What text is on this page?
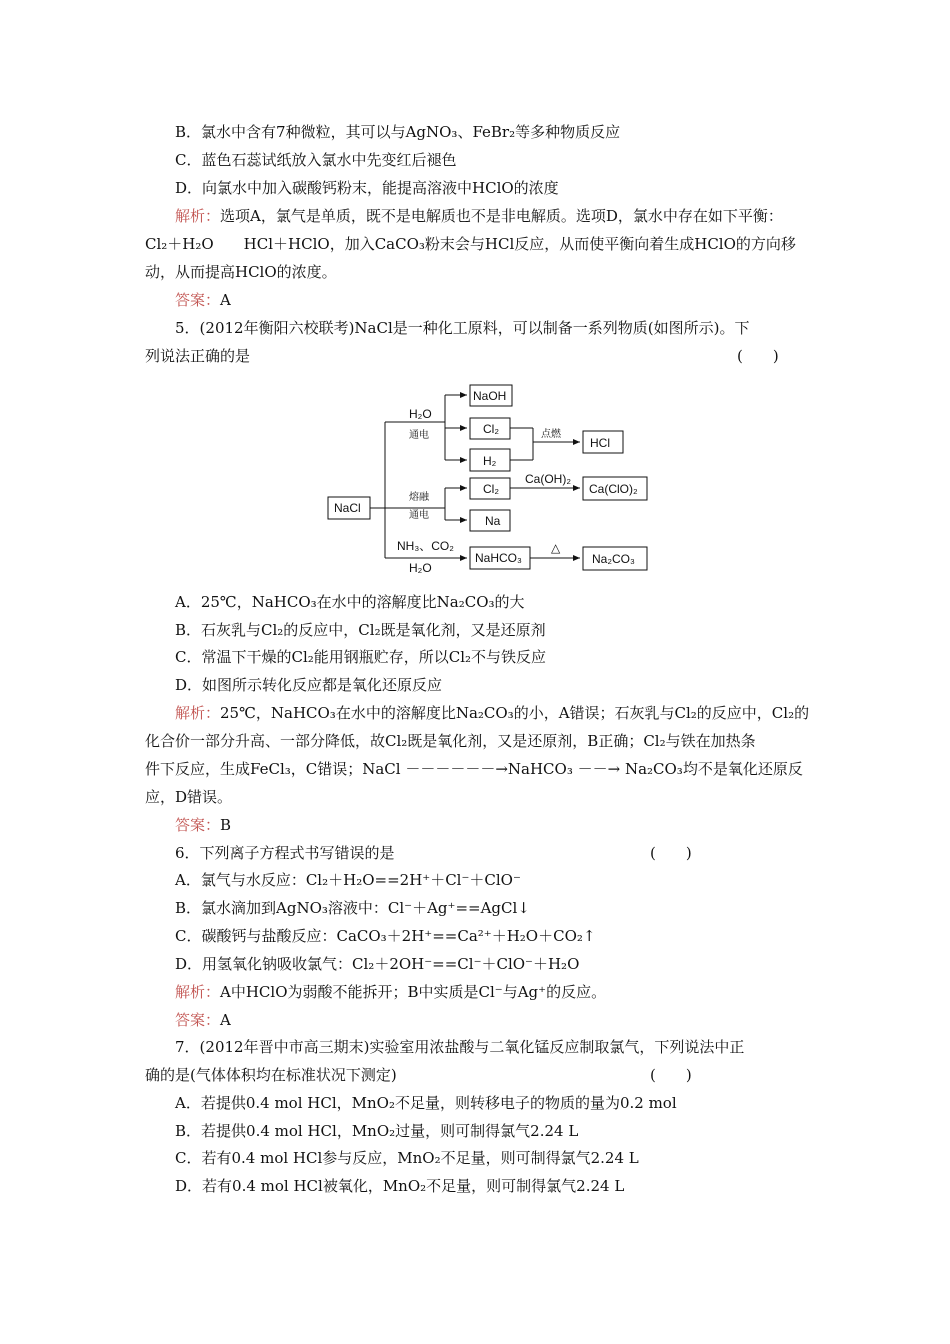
B．氯水中含有7种微粒，其可以与AgNO₃、FeBr₂等多种物质反应
C．蓝色石蕊试纸放入氯水中先变红后褪色
D．向氯水中加入碳酸钙粉末，能提高溶液中HClO的浓度
解析：选项A，氯气是单质，既不是电解质也不是非电解质。选项D，氯水中存在如下平衡：
Cl₂＋H₂O　　HCl＋HClO，加入CaCO₃粉末会与HCl反应，从而使平衡向着生成HClO的方向移
动，从而提高HClO的浓度。
答案：A
5．(2012年衡阳六校联考)NaCl是一种化工原料，可以制备一系列物质(如图所示)。下
列说法正确的是	(　　)
NaCl
NaOH
Cl₂
H₂
HCl
Cl₂
Na
Ca(ClO)₂
NaHCO₃	Na₂CO₃
H₂O
通电	点燃
Ca(OH)₂
熔融
通电
NH₃、CO₂
H₂O
△
A．25℃，NaHCO₃在水中的溶解度比Na₂CO₃的大
B．石灰乳与Cl₂的反应中，Cl₂既是氧化剂，又是还原剂
C．常温下干燥的Cl₂能用钢瓶贮存，所以Cl₂不与铁反应
D．如图所示转化反应都是氧化还原反应
解析：25℃，NaHCO₃在水中的溶解度比Na₂CO₃的小，A错误；石灰乳与Cl₂的反应中，Cl₂的
化合价一部分升高、一部分降低，故Cl₂既是氧化剂，又是还原剂，B正确；Cl₂与铁在加热条
件下反应，生成FeCl₃，C错误；NaCl －－－－－－→NaHCO₃ －－→ Na₂CO₃均不是氧化还原反
应，D错误。
答案：B
6．下列离子方程式书写错误的是	(　　)
A．氯气与水反应：Cl₂＋H₂O==2H⁺＋Cl⁻＋ClO⁻
B．氯水滴加到AgNO₃溶液中：Cl⁻＋Ag⁺==AgCl↓
C．碳酸钙与盐酸反应：CaCO₃＋2H⁺==Ca²⁺＋H₂O＋CO₂↑
D．用氢氧化钠吸收氯气：Cl₂＋2OH⁻==Cl⁻＋ClO⁻＋H₂O
解析：A中HClO为弱酸不能拆开；B中实质是Cl⁻与Ag⁺的反应。
答案：A
7．(2012年晋中市高三期末)实验室用浓盐酸与二氧化锰反应制取氯气，下列说法中正
确的是(气体体积均在标准状况下测定)	(　　)
A．若提供0.4 mol HCl，MnO₂不足量，则转移电子的物质的量为0.2 mol
B．若提供0.4 mol HCl，MnO₂过量，则可制得氯气2.24 L
C．若有0.4 mol HCl参与反应，MnO₂不足量，则可制得氯气2.24 L
D．若有0.4 mol HCl被氧化，MnO₂不足量，则可制得氯气2.24 L
